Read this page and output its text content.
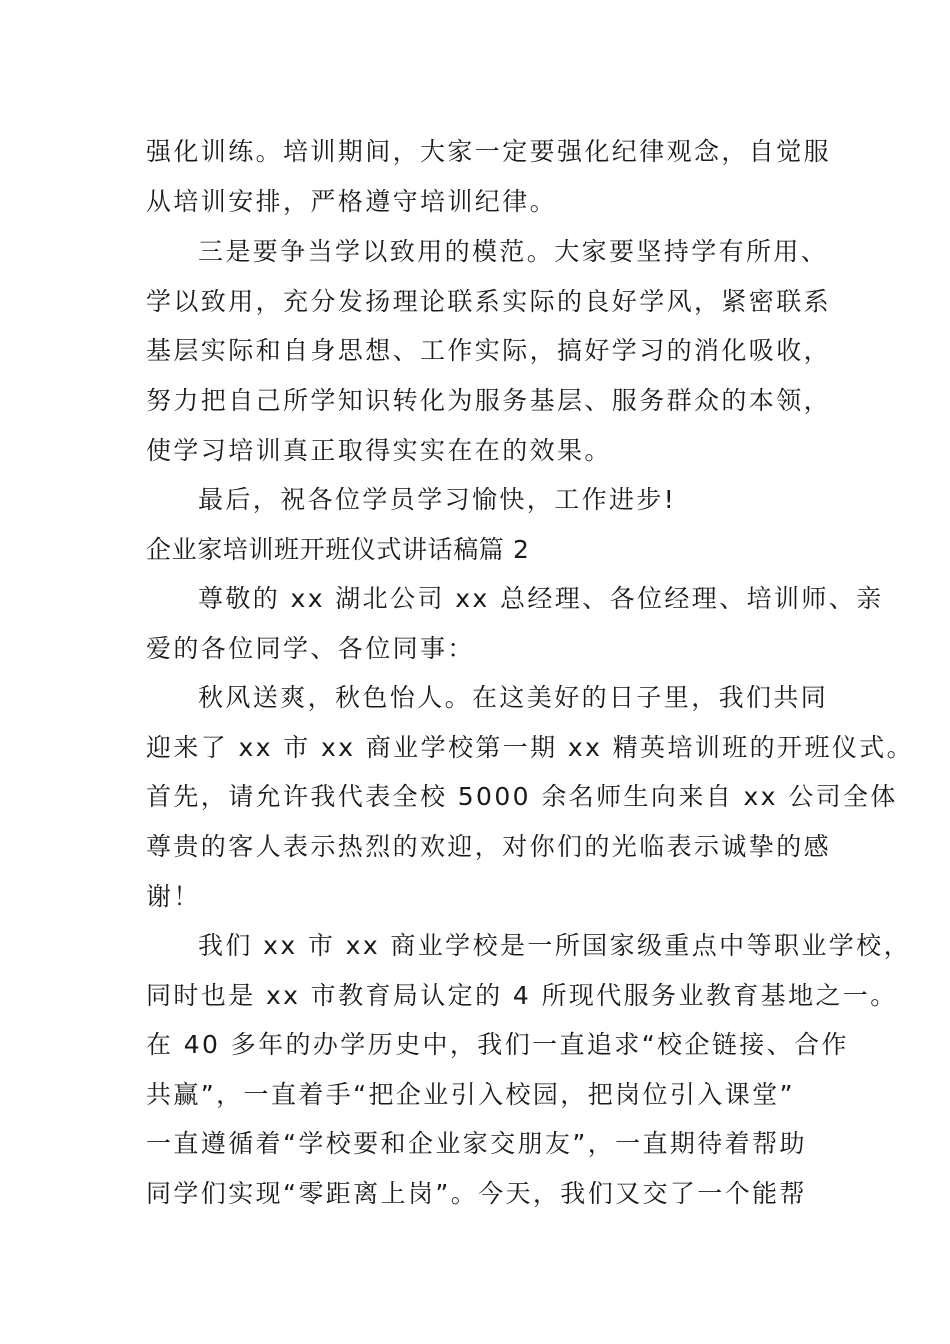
强化训练。培训期间，大家一定要强化纪律观念，自觉服
从培训安排，严格遵守培训纪律。
三是要争当学以致用的模范。大家要坚持学有所用、
学以致用，充分发扬理论联系实际的良好学风，紧密联系
基层实际和自身思想、工作实际，搞好学习的消化吸收，
努力把自己所学知识转化为服务基层、服务群众的本领，
使学习培训真正取得实实在在的效果。
最后，祝各位学员学习愉快，工作进步!
企业家培训班开班仪式讲话稿篇 2
尊敬的 xx 湖北公司 xx 总经理、各位经理、培训师、亲
爱的各位同学、各位同事：
秋风送爽，秋色怡人。在这美好的日子里，我们共同
迎来了 xx 市 xx 商业学校第一期 xx 精英培训班的开班仪式。
首先，请允许我代表全校 5000 余名师生向来自 xx 公司全体
尊贵的客人表示热烈的欢迎，对你们的光临表示诚挚的感
谢！
我们 xx 市 xx 商业学校是一所国家级重点中等职业学校，
同时也是 xx 市教育局认定的 4 所现代服务业教育基地之一。
在 40 多年的办学历史中，我们一直追求“校企链接、合作
共赢”，一直着手“把企业引入校园，把岗位引入课堂”
一直遵循着“学校要和企业家交朋友”，一直期待着帮助
同学们实现“零距离上岗”。今天，我们又交了一个能帮
